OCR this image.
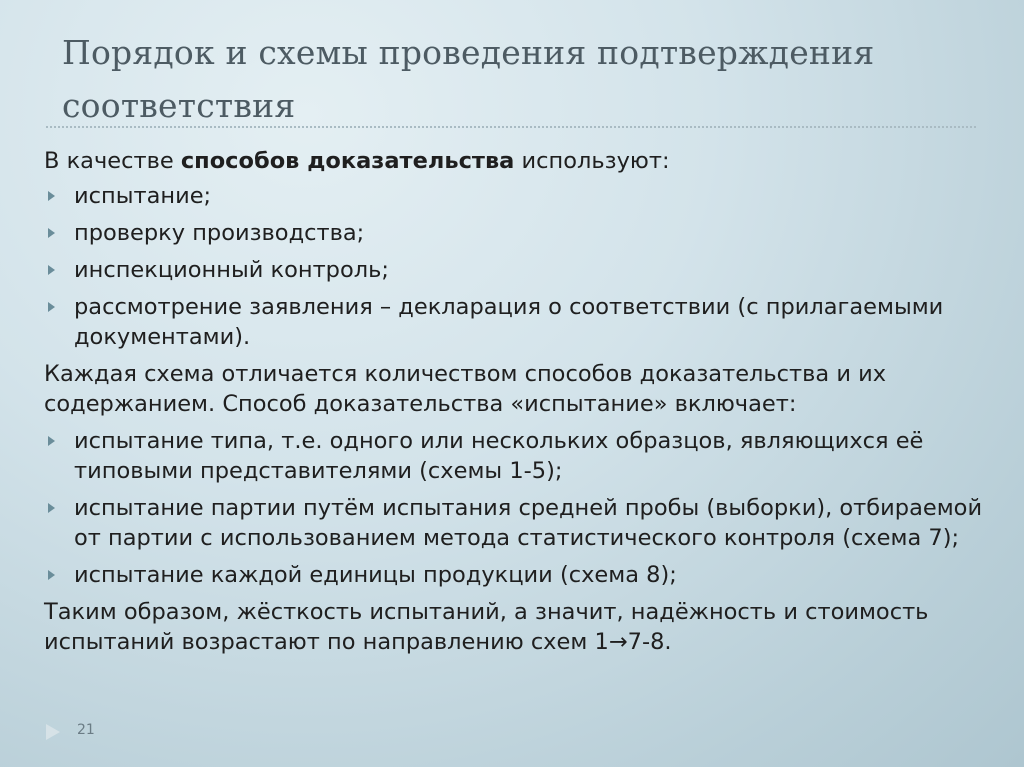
Порядок и схемы проведения подтверждения соответствия

В качестве способов доказательства используют:

испытание;
проверку производства;
инспекционный контроль;
рассмотрение заявления – декларация о соответствии (с прилагаемыми документами).

Каждая схема отличается количеством способов доказательства и их содержанием. Способ доказательства «испытание» включает:

испытание типа, т.е. одного или нескольких образцов, являющихся её типовыми представителями (схемы 1-5);
испытание партии путём испытания средней пробы (выборки), отбираемой от партии с использованием метода статистического контроля (схема 7);
испытание каждой единицы продукции (схема 8);

Таким образом, жёсткость испытаний, а значит, надёжность и стоимость испытаний возрастают по направлению схем 1→7-8.

21
